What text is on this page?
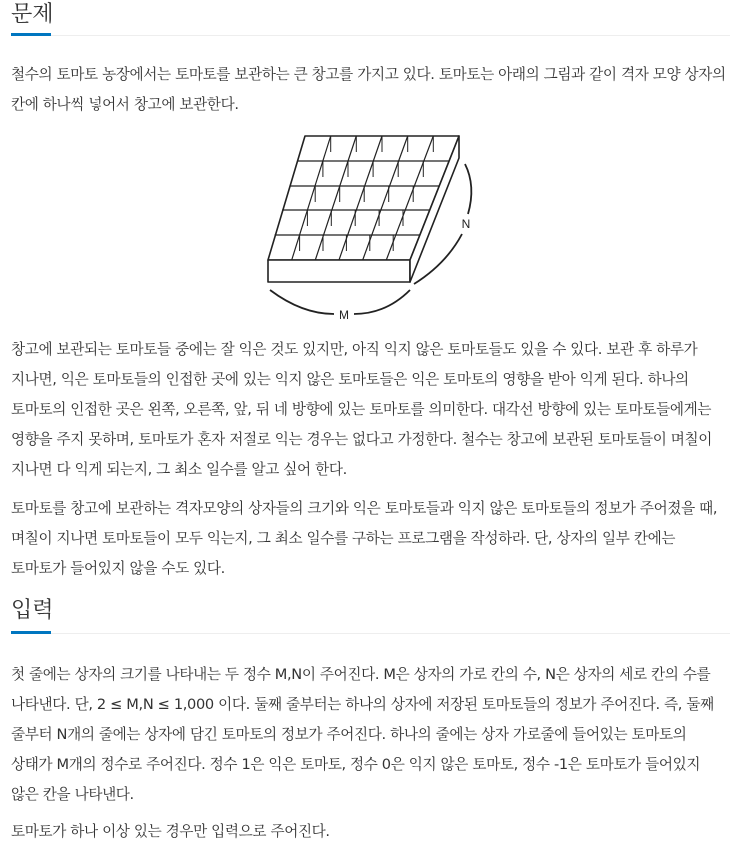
문제

철수의 토마토 농장에서는 토마토를 보관하는 큰 창고를 가지고 있다. 토마토는 아래의 그림과 같이 격자 모양 상자의 칸에 하나씩 넣어서 창고에 보관한다.

M
N

창고에 보관되는 토마토들 중에는 잘 익은 것도 있지만, 아직 익지 않은 토마토들도 있을 수 있다. 보관 후 하루가 지나면, 익은 토마토들의 인접한 곳에 있는 익지 않은 토마토들은 익은 토마토의 영향을 받아 익게 된다. 하나의 토마토의 인접한 곳은 왼쪽, 오른쪽, 앞, 뒤 네 방향에 있는 토마토를 의미한다. 대각선 방향에 있는 토마토들에게는 영향을 주지 못하며, 토마토가 혼자 저절로 익는 경우는 없다고 가정한다. 철수는 창고에 보관된 토마토들이 며칠이 지나면 다 익게 되는지, 그 최소 일수를 알고 싶어 한다.

토마토를 창고에 보관하는 격자모양의 상자들의 크기와 익은 토마토들과 익지 않은 토마토들의 정보가 주어졌을 때, 며칠이 지나면 토마토들이 모두 익는지, 그 최소 일수를 구하는 프로그램을 작성하라. 단, 상자의 일부 칸에는 토마토가 들어있지 않을 수도 있다.

입력

첫 줄에는 상자의 크기를 나타내는 두 정수 M,N이 주어진다. M은 상자의 가로 칸의 수, N은 상자의 세로 칸의 수를 나타낸다. 단, 2 ≤ M,N ≤ 1,000 이다. 둘째 줄부터는 하나의 상자에 저장된 토마토들의 정보가 주어진다. 즉, 둘째 줄부터 N개의 줄에는 상자에 담긴 토마토의 정보가 주어진다. 하나의 줄에는 상자 가로줄에 들어있는 토마토의 상태가 M개의 정수로 주어진다. 정수 1은 익은 토마토, 정수 0은 익지 않은 토마토, 정수 -1은 토마토가 들어있지 않은 칸을 나타낸다.

토마토가 하나 이상 있는 경우만 입력으로 주어진다.
